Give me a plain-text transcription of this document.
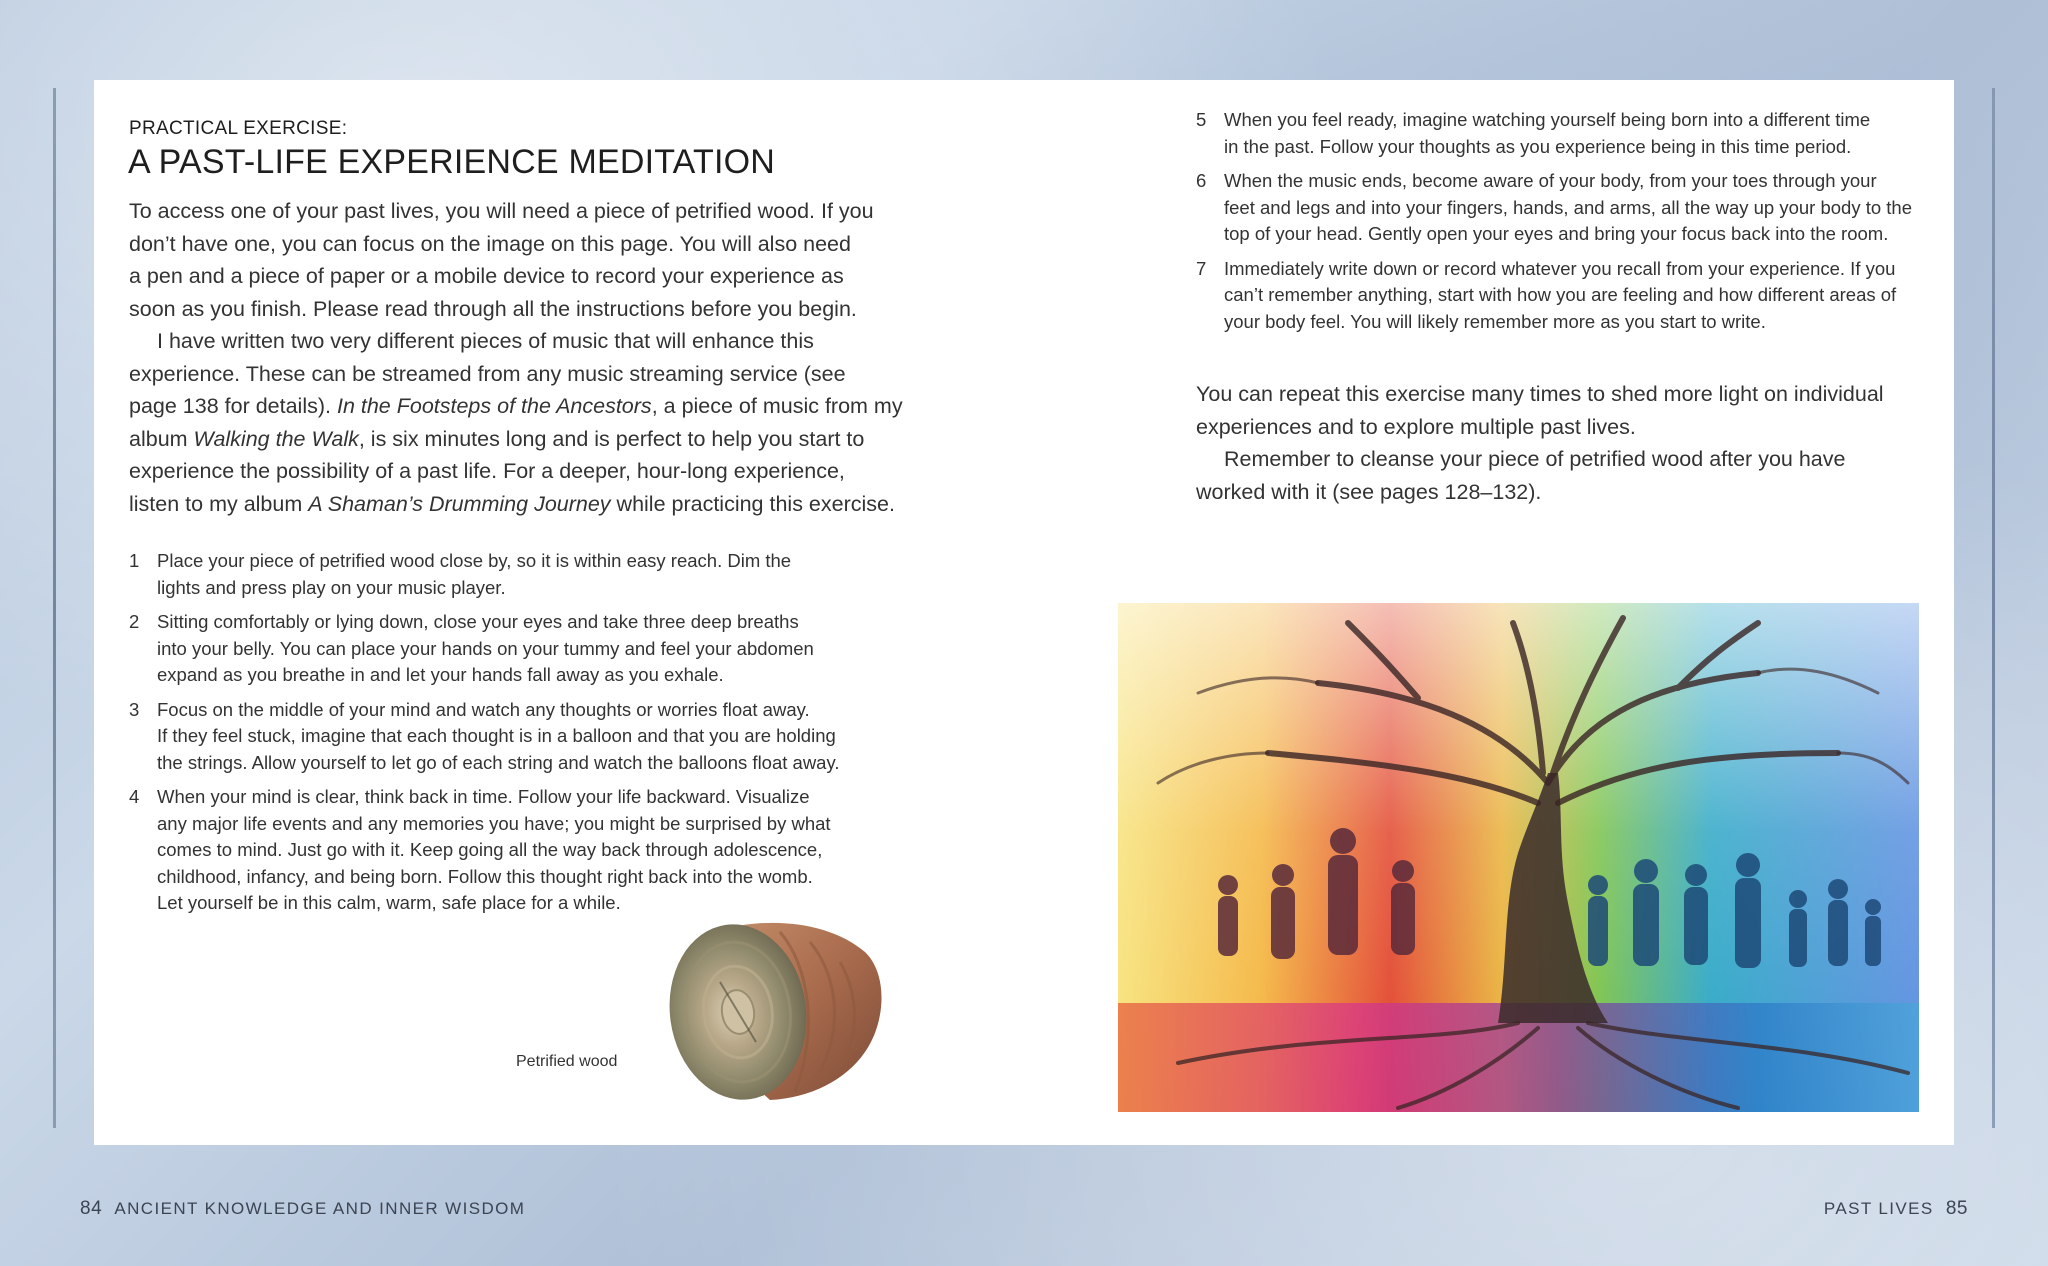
PRACTICAL EXERCISE:
A PAST-LIFE EXPERIENCE MEDITATION
To access one of your past lives, you will need a piece of petrified wood. If you
don’t have one, you can focus on the image on this page. You will also need
a pen and a piece of paper or a mobile device to record your experience as
soon as you finish. Please read through all the instructions before you begin.
I have written two very different pieces of music that will enhance this
experience. These can be streamed from any music streaming service (see
page 138 for details). In the Footsteps of the Ancestors, a piece of music from my
album Walking the Walk, is six minutes long and is perfect to help you start to
experience the possibility of a past life. For a deeper, hour-long experience,
listen to my album A Shaman’s Drumming Journey while practicing this exercise.
1 Place your piece of petrified wood close by, so it is within easy reach. Dim the
lights and press play on your music player.
2 Sitting comfortably or lying down, close your eyes and take three deep breaths
into your belly. You can place your hands on your tummy and feel your abdomen
expand as you breathe in and let your hands fall away as you exhale.
3 Focus on the middle of your mind and watch any thoughts or worries float away.
If they feel stuck, imagine that each thought is in a balloon and that you are holding
the strings. Allow yourself to let go of each string and watch the balloons float away.
4 When your mind is clear, think back in time. Follow your life backward. Visualize
any major life events and any memories you have; you might be surprised by what
comes to mind. Just go with it. Keep going all the way back through adolescence,
childhood, infancy, and being born. Follow this thought right back into the womb.
Let yourself be in this calm, warm, safe place for a while.
Petrified wood
5 When you feel ready, imagine watching yourself being born into a different time
in the past. Follow your thoughts as you experience being in this time period.
6 When the music ends, become aware of your body, from your toes through your
feet and legs and into your fingers, hands, and arms, all the way up your body to the
top of your head. Gently open your eyes and bring your focus back into the room.
7 Immediately write down or record whatever you recall from your experience. If you
can’t remember anything, start with how you are feeling and how different areas of
your body feel. You will likely remember more as you start to write.
You can repeat this exercise many times to shed more light on individual
experiences and to explore multiple past lives.
Remember to cleanse your piece of petrified wood after you have
worked with it (see pages 128–132).
84 ANCIENT KNOWLEDGE AND INNER WISDOM	PAST LIVES 85
